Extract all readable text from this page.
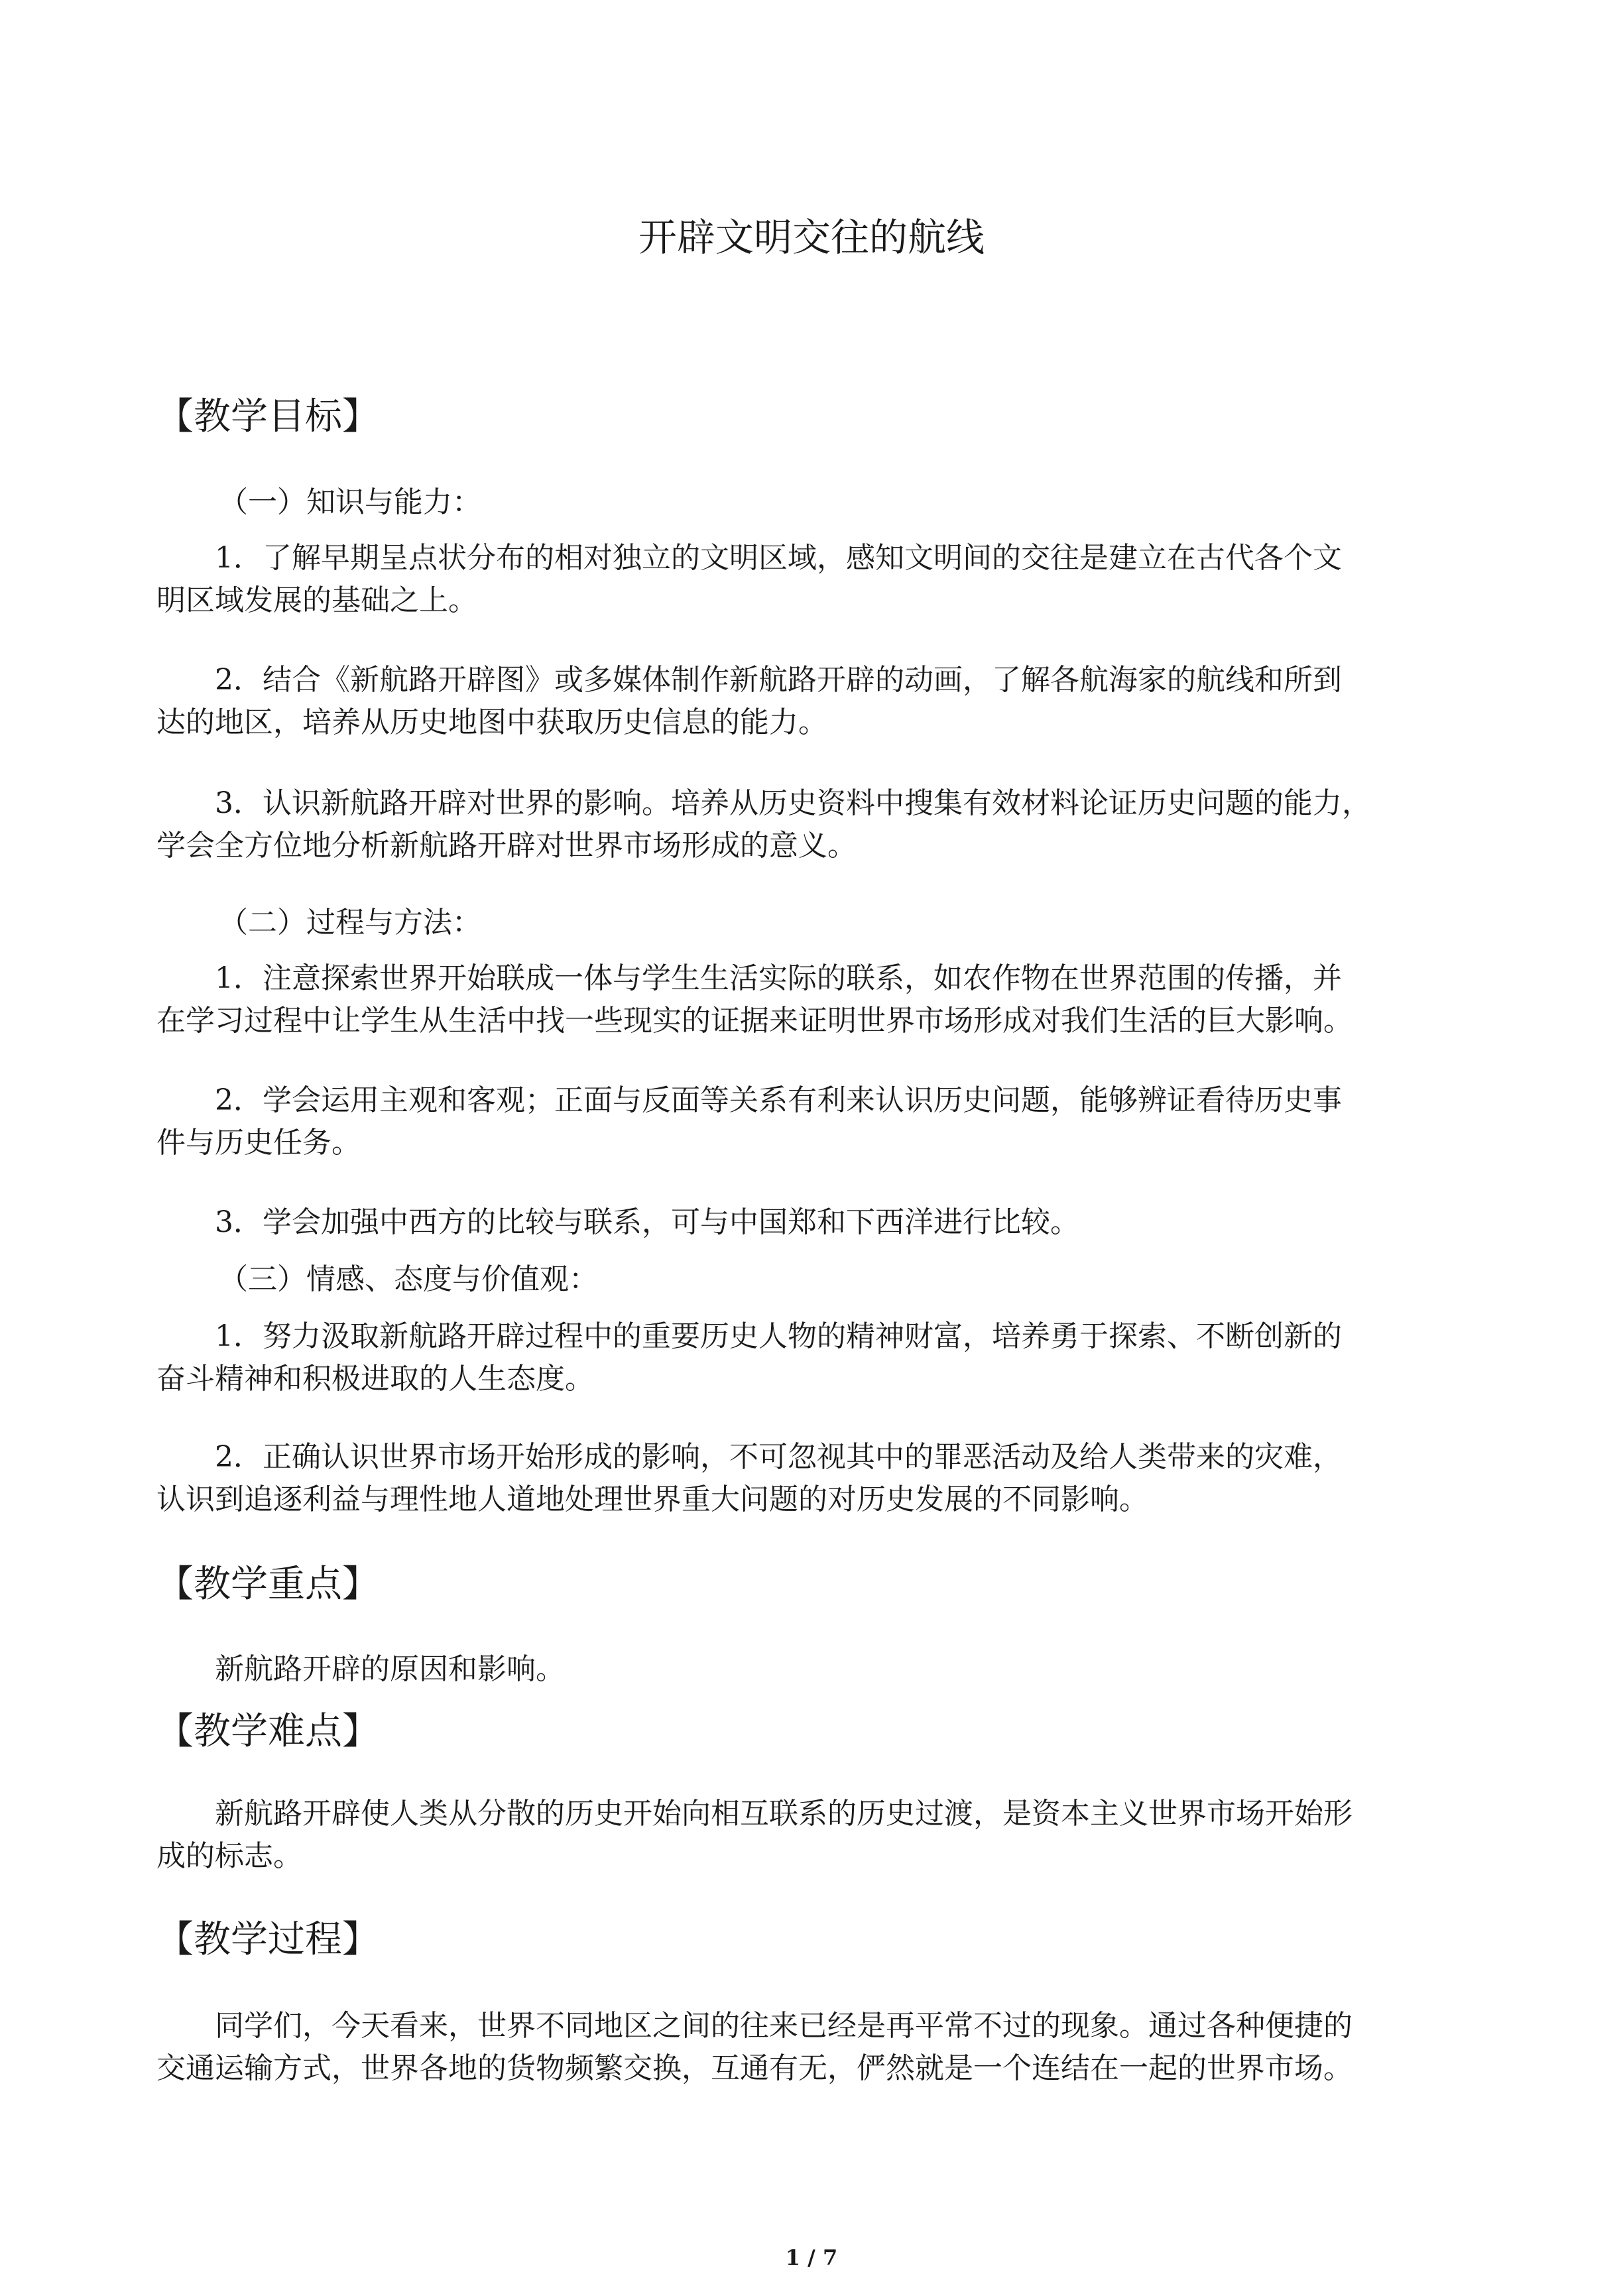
开辟文明交往的航线
【教学目标】
（一）知识与能力：
1．了解早期呈点状分布的相对独立的文明区域，感知文明间的交往是建立在古代各个文
明区域发展的基础之上。
2．结合《新航路开辟图》或多媒体制作新航路开辟的动画，了解各航海家的航线和所到
达的地区，培养从历史地图中获取历史信息的能力。
3．认识新航路开辟对世界的影响。培养从历史资料中搜集有效材料论证历史问题的能力，
学会全方位地分析新航路开辟对世界市场形成的意义。
（二）过程与方法：
1．注意探索世界开始联成一体与学生生活实际的联系，如农作物在世界范围的传播，并
在学习过程中让学生从生活中找一些现实的证据来证明世界市场形成对我们生活的巨大影响。
2．学会运用主观和客观；正面与反面等关系有利来认识历史问题，能够辨证看待历史事
件与历史任务。
3．学会加强中西方的比较与联系，可与中国郑和下西洋进行比较。
（三）情感、态度与价值观：
1．努力汲取新航路开辟过程中的重要历史人物的精神财富，培养勇于探索、不断创新的
奋斗精神和积极进取的人生态度。
2．正确认识世界市场开始形成的影响，不可忽视其中的罪恶活动及给人类带来的灾难，
认识到追逐利益与理性地人道地处理世界重大问题的对历史发展的不同影响。
【教学重点】
新航路开辟的原因和影响。
【教学难点】
新航路开辟使人类从分散的历史开始向相互联系的历史过渡，是资本主义世界市场开始形
成的标志。
【教学过程】
同学们，今天看来，世界不同地区之间的往来已经是再平常不过的现象。通过各种便捷的
交通运输方式，世界各地的货物频繁交换，互通有无，俨然就是一个连结在一起的世界市场。
1 / 7
